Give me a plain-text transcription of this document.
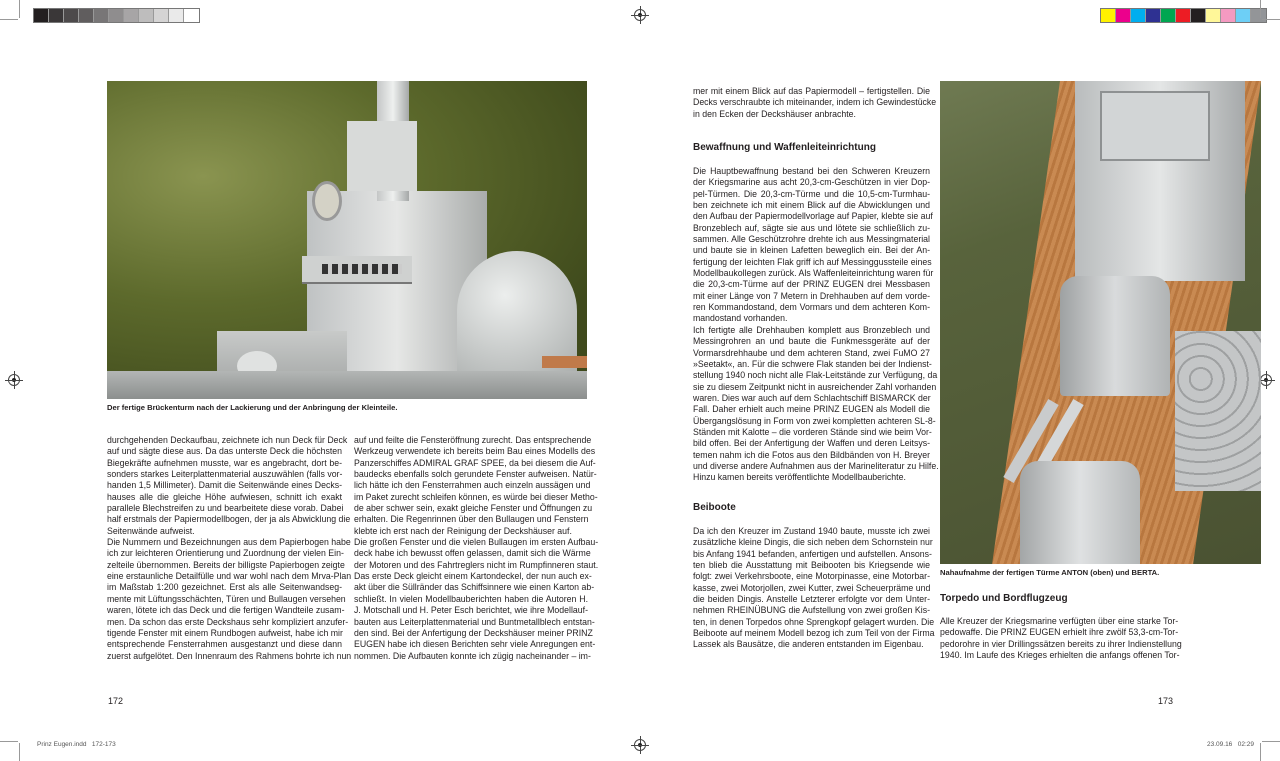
Prinz Eugen.indd   172-173	23.09.16   02:29
Der fertige Brückenturm nach der Lackierung und der Anbringung der Kleinteile.
durchgehenden Deckaufbau, zeichnete ich nun Deck für Deck
auf und sägte diese aus. Da das unterste Deck die höchsten
Biegekräfte aufnehmen musste, war es angebracht, dort be-
sonders starkes Leiterplattenmaterial auszuwählen (falls vor-
handen 1,5 Millimeter). Damit die Seitenwände eines Decks-
hauses alle die gleiche Höhe aufwiesen, schnitt ich exakt
parallele Blechstreifen zu und bearbeitete diese vorab. Dabei
half erstmals der Papiermodellbogen, der ja als Abwicklung die
Seitenwände aufweist.
Die Nummern und Bezeichnungen aus dem Papierbogen habe
ich zur leichteren Orientierung und Zuordnung der vielen Ein-
zelteile übernommen. Bereits der billigste Papierbogen zeigte
eine erstaunliche Detailfülle und war wohl nach dem Mrva-Plan
im Maßstab 1:200 gezeichnet. Erst als alle Seitenwandseg-
mente mit Lüftungsschächten, Türen und Bullaugen versehen
waren, lötete ich das Deck und die fertigen Wandteile zusam-
men. Da schon das erste Deckshaus sehr kompliziert anzufer-
tigende Fenster mit einem Rundbogen aufweist, habe ich mir
entsprechende Fensterrahmen ausgestanzt und diese dann
zuerst aufgelötet. Den Innenraum des Rahmens bohrte ich nun
auf und feilte die Fensteröffnung zurecht. Das entsprechende
Werkzeug verwendete ich bereits beim Bau eines Modells des
Panzerschiffes ADMIRAL GRAF SPEE, da bei diesem die Auf-
baudecks ebenfalls solch gerundete Fenster aufweisen. Natür-
lich hätte ich den Fensterrahmen auch einzeln aussägen und
im Paket zurecht schleifen können, es würde bei dieser Metho-
de aber schwer sein, exakt gleiche Fenster und Öffnungen zu
erhalten. Die Regenrinnen über den Bullaugen und Fenstern
klebte ich erst nach der Reinigung der Deckshäuser auf.
Die großen Fenster und die vielen Bullaugen im ersten Aufbau-
deck habe ich bewusst offen gelassen, damit sich die Wärme
der Motoren und des Fahrtreglers nicht im Rumpfinneren staut.
Das erste Deck gleicht einem Kartondeckel, der nun auch ex-
akt über die Süllränder das Schiffsinnere wie einen Karton ab-
schließt. In vielen Modellbauberichten haben die Autoren H.
J. Motschall und H. Peter Esch berichtet, wie ihre Modellauf-
bauten aus Leiterplattenmaterial und Buntmetallblech entstan-
den sind. Bei der Anfertigung der Deckshäuser meiner PRINZ
EUGEN habe ich diesen Berichten sehr viele Anregungen ent-
nommen. Die Aufbauten konnte ich zügig nacheinander – im-
172
mer mit einem Blick auf das Papiermodell – fertigstellen. Die
Decks verschraubte ich miteinander, indem ich Gewindestücke
in den Ecken der Deckshäuser anbrachte.
Bewaffnung und Waffenleiteinrichtung
Die Hauptbewaffnung bestand bei den Schweren Kreuzern
der Kriegsmarine aus acht 20,3-cm-Geschützen in vier Dop-
pel-Türmen. Die 20,3-cm-Türme und die 10,5-cm-Turmhau-
ben zeichnete ich mit einem Blick auf die Abwicklungen und
den Aufbau der Papiermodellvorlage auf Papier, klebte sie auf
Bronzeblech auf, sägte sie aus und lötete sie schließlich zu-
sammen. Alle Geschützrohre drehte ich aus Messingmaterial
und baute sie in kleinen Lafetten beweglich ein. Bei der An-
fertigung der leichten Flak griff ich auf Messinggussteile eines
Modellbaukollegen zurück. Als Waffenleiteinrichtung waren für
die 20,3-cm-Türme auf der PRINZ EUGEN drei Messbasen
mit einer Länge von 7 Metern in Drehhauben auf dem vorde-
ren Kommandostand, dem Vormars und dem achteren Kom-
mandostand vorhanden.
Ich fertigte alle Drehhauben komplett aus Bronzeblech und
Messingrohren an und baute die Funkmessgeräte auf der
Vormarsdrehhaube und dem achteren Stand, zwei FuMO 27
»Seetakt«, an. Für die schwere Flak standen bei der Indienst-
stellung 1940 noch nicht alle Flak-Leitstände zur Verfügung, da
sie zu diesem Zeitpunkt nicht in ausreichender Zahl vorhanden
waren. Dies war auch auf dem Schlachtschiff BISMARCK der
Fall. Daher erhielt auch meine PRINZ EUGEN als Modell die
Übergangslösung in Form von zwei kompletten achteren SL-8-
Ständen mit Kalotte – die vorderen Stände sind wie beim Vor-
bild offen. Bei der Anfertigung der Waffen und deren Leitsys-
temen nahm ich die Fotos aus den Bildbänden von H. Breyer
und diverse andere Aufnahmen aus der Marineliteratur zu Hilfe.
Hinzu kamen bereits veröffentlichte Modellbauberichte.
Beiboote
Da ich den Kreuzer im Zustand 1940 baute, musste ich zwei
zusätzliche kleine Dingis, die sich neben dem Schornstein nur
bis Anfang 1941 befanden, anfertigen und aufstellen. Ansons-
ten blieb die Ausstattung mit Beibooten bis Kriegsende wie
folgt: zwei Verkehrsboote, eine Motorpinasse, eine Motorbar-
kasse, zwei Motorjollen, zwei Kutter, zwei Scheuerpräme und
die beiden Dingis. Anstelle Letzterer erfolgte vor dem Unter-
nehmen RHEINÜBUNG die Aufstellung von zwei großen Kis-
ten, in denen Torpedos ohne Sprengkopf gelagert wurden. Die
Beiboote auf meinem Modell bezog ich zum Teil von der Firma
Lassek als Bausätze, die anderen entstanden im Eigenbau.
Nahaufnahme der fertigen Türme ANTON (oben) und BERTA.
Torpedo und Bordflugzeug
Alle Kreuzer der Kriegsmarine verfügten über eine starke Tor-
pedowaffe. Die PRINZ EUGEN erhielt ihre zwölf 53,3-cm-Tor-
pedorohre in vier Drillingssätzen bereits zu ihrer Indienstellung
1940. Im Laufe des Krieges erhielten die anfangs offenen Tor-
173
